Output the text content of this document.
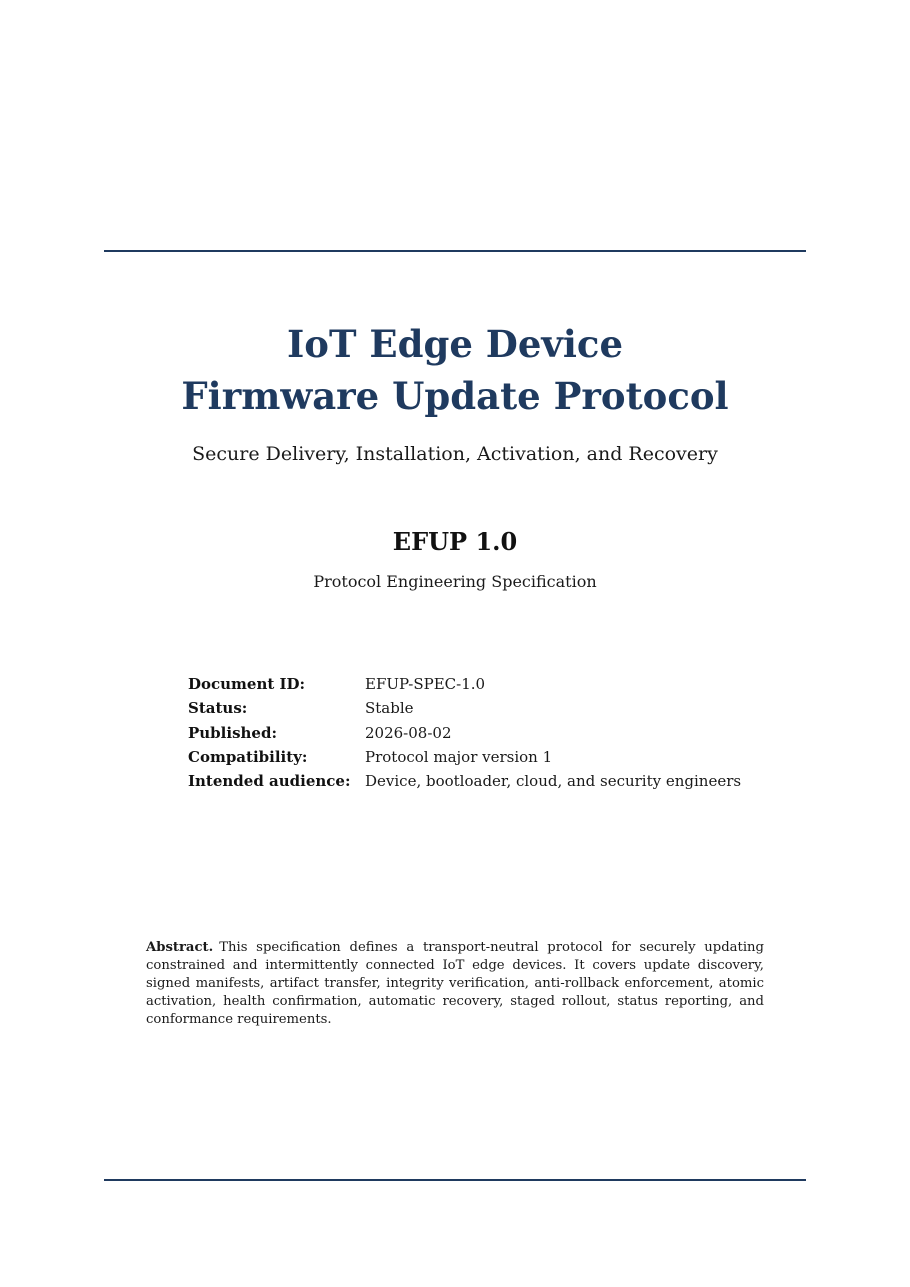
IoT Edge Device
Firmware Update Protocol
Secure Delivery, Installation, Activation, and Recovery
EFUP 1.0
Protocol Engineering Specification
Document ID:	EFUP-SPEC-1.0
Status:	Stable
Published:	2026-08-02
Compatibility:	Protocol major version 1
Intended audience:	Device, bootloader, cloud, and security engineers

Abstract. This specification defines a transport-neutral protocol for securely updating constrained and intermittently connected IoT edge devices. It covers update discovery, signed manifests, artifact transfer, integrity verification, anti-rollback enforcement, atomic activation, health confirmation, automatic recovery, staged rollout, status reporting, and conformance requirements.
